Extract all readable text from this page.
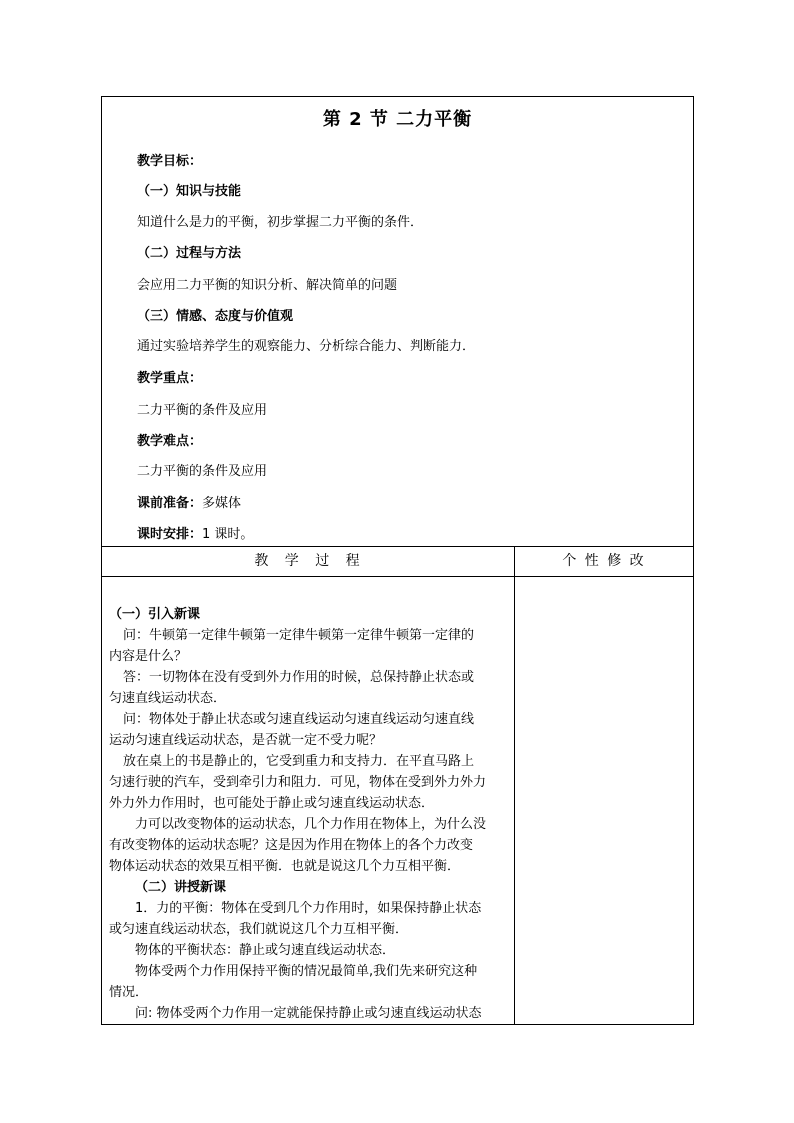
第 2 节 二力平衡
教学目标：
（一）知识与技能
知道什么是力的平衡，初步掌握二力平衡的条件．
（二）过程与方法
会应用二力平衡的知识分析、解决简单的问题
（三）情感、态度与价值观
通过实验培养学生的观察能力、分析综合能力、判断能力．
教学重点：
二力平衡的条件及应用
教学难点：
二力平衡的条件及应用
课前准备：多媒体
课时安排：1 课时。
教 学 过 程	个 性 修 改

（一）引入新课

问：牛顿第一定律牛顿第一定律牛顿第一定律牛顿第一定律的

内容是什么？

答：一切物体在没有受到外力作用的时候，总保持静止状态或

匀速直线运动状态．

问：物体处于静止状态或匀速直线运动匀速直线运动匀速直线

运动匀速直线运动状态，是否就一定不受力呢？

放在桌上的书是静止的，它受到重力和支持力．在平直马路上

匀速行驶的汽车，受到牵引力和阻力．可见，物体在受到外力外力

外力外力作用时，也可能处于静止或匀速直线运动状态．

力可以改变物体的运动状态，几个力作用在物体上，为什么没

有改变物体的运动状态呢？这是因为作用在物体上的各个力改变

物体运动状态的效果互相平衡．也就是说这几个力互相平衡．

（二）讲授新课

1．力的平衡：物体在受到几个力作用时，如果保持静止状态

或匀速直线运动状态，我们就说这几个力互相平衡．

物体的平衡状态：静止或匀速直线运动状态．

物体受两个力作用保持平衡的情况最简单,我们先来研究这种

情况．

问: 物体受两个力作用一定就能保持静止或匀速直线运动状态
